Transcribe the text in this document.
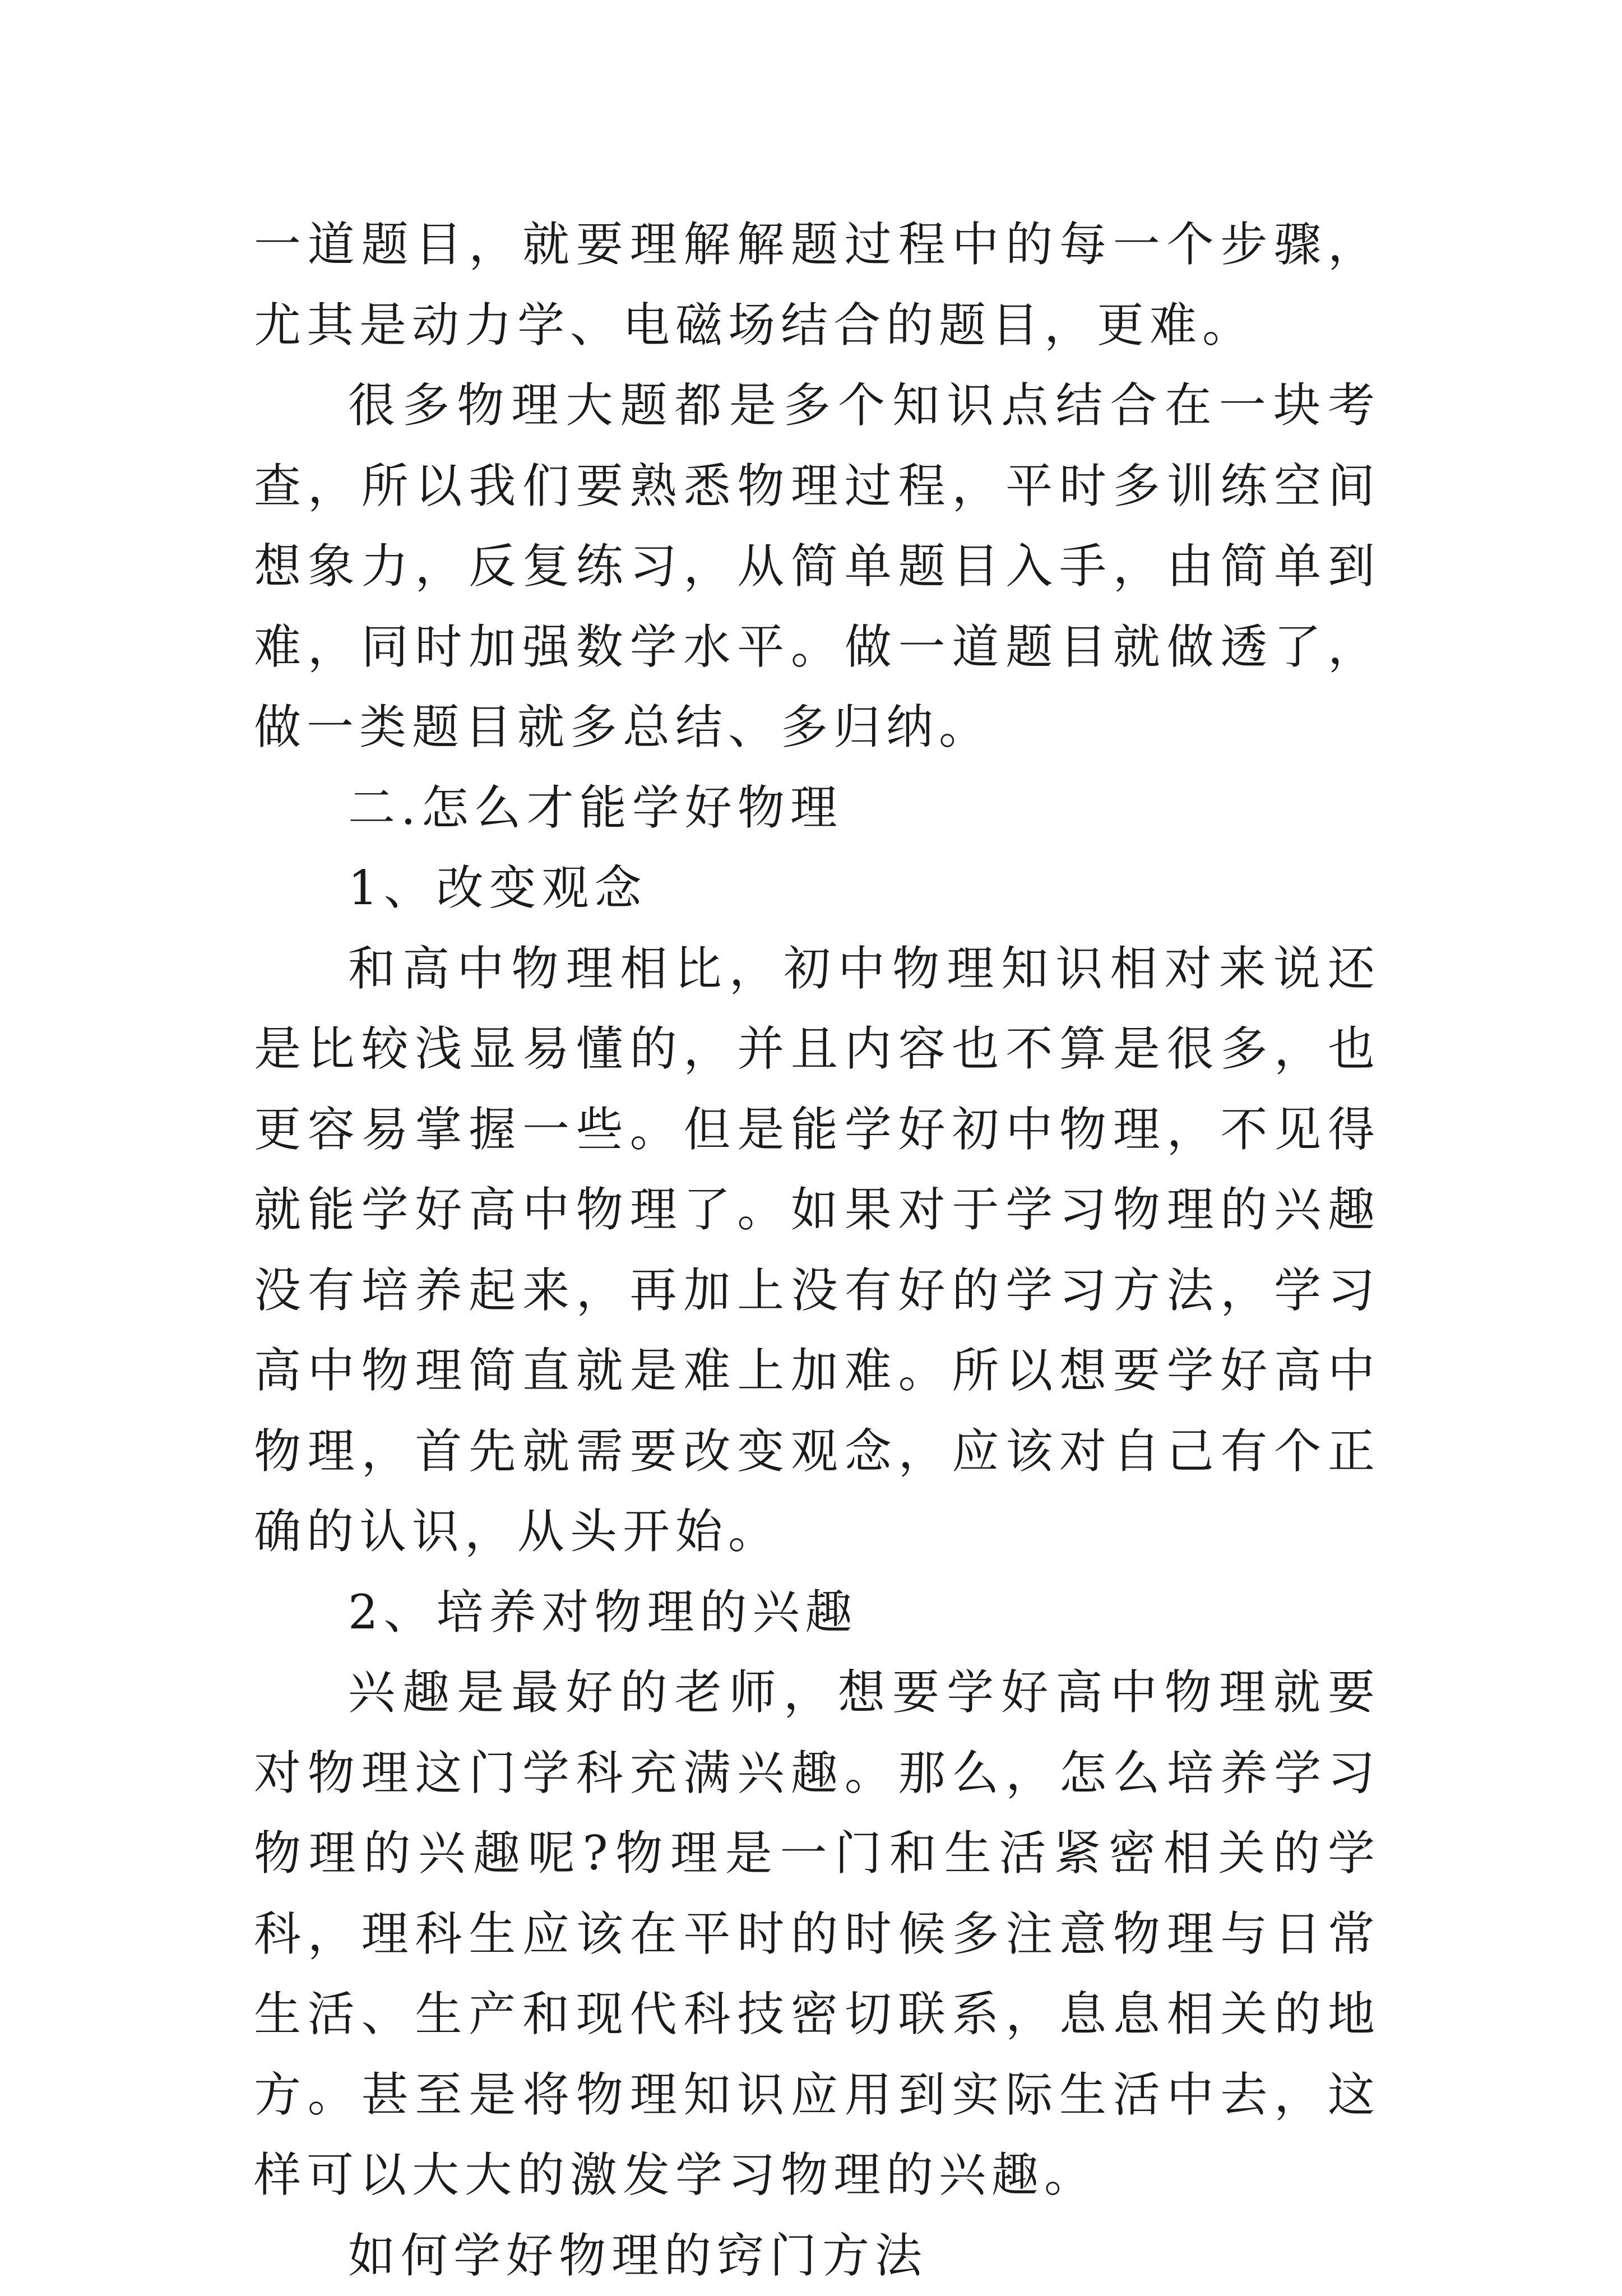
一道题目，就要理解解题过程中的每一个步骤，尤其是动力学、电磁场结合的题目，更难。

很多物理大题都是多个知识点结合在一块考查，所以我们要熟悉物理过程，平时多训练空间想象力，反复练习，从简单题目入手，由简单到难，同时加强数学水平。做一道题目就做透了，做一类题目就多总结、多归纳。

二.怎么才能学好物理

1、改变观念

和高中物理相比，初中物理知识相对来说还是比较浅显易懂的，并且内容也不算是很多，也更容易掌握一些。但是能学好初中物理，不见得就能学好高中物理了。如果对于学习物理的兴趣没有培养起来，再加上没有好的学习方法，学习高中物理简直就是难上加难。所以想要学好高中物理，首先就需要改变观念，应该对自己有个正确的认识，从头开始。

2、培养对物理的兴趣

兴趣是最好的老师，想要学好高中物理就要对物理这门学科充满兴趣。那么，怎么培养学习物理的兴趣呢?物理是一门和生活紧密相关的学科，理科生应该在平时的时候多注意物理与日常生活、生产和现代科技密切联系，息息相关的地方。甚至是将物理知识应用到实际生活中去，这样可以大大的激发学习物理的兴趣。

如何学好物理的窍门方法
